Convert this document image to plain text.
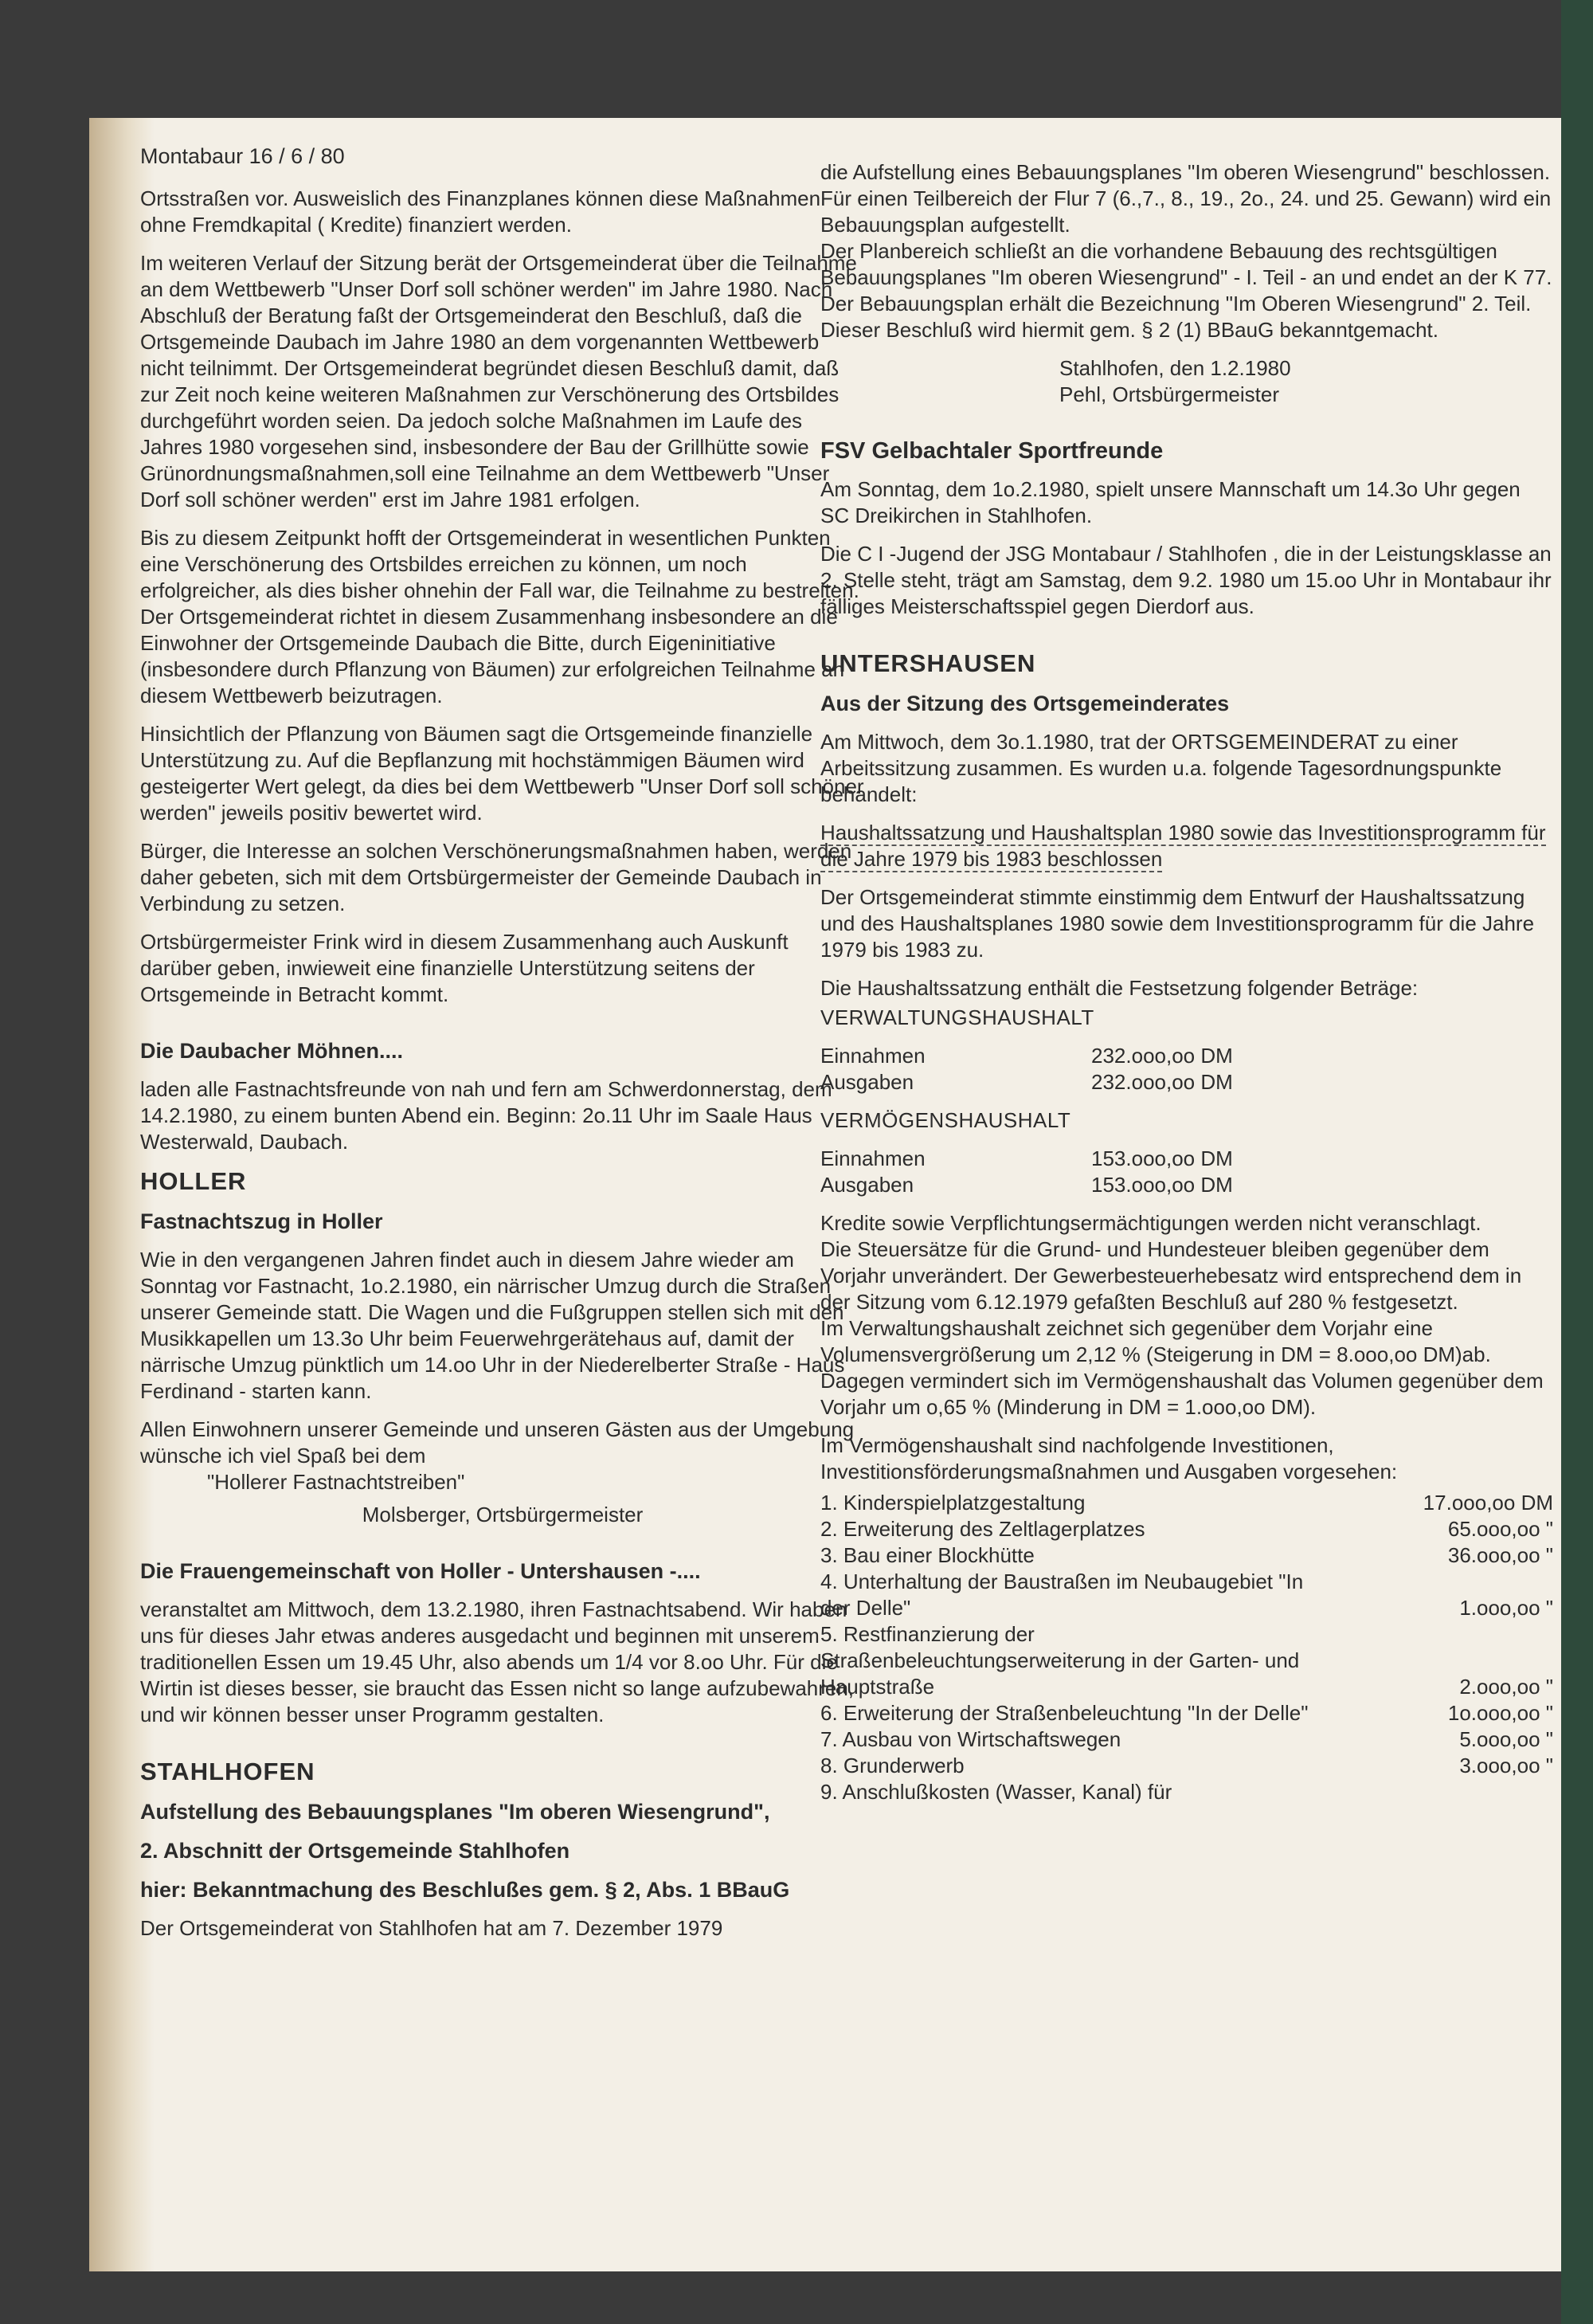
Montabaur 16 / 6 / 80

Ortsstraßen vor. Ausweislich des Finanzplanes können diese Maßnahmen ohne Fremdkapital ( Kredite) finanziert werden.

Im weiteren Verlauf der Sitzung berät der Ortsgemeinderat über die Teilnahme an dem Wettbewerb "Unser Dorf soll schöner werden" im Jahre 1980. Nach Abschluß der Beratung faßt der Ortsgemeinderat den Beschluß, daß die Ortsgemeinde Daubach im Jahre 1980 an dem vorgenannten Wettbewerb nicht teilnimmt. Der Ortsgemeinderat begründet diesen Beschluß damit, daß zur Zeit noch keine weiteren Maßnahmen zur Verschönerung des Ortsbildes durchgeführt worden seien. Da jedoch solche Maßnahmen im Laufe des Jahres 1980 vorgesehen sind, insbesondere der Bau der Grillhütte sowie Grünordnungsmaßnahmen,soll eine Teilnahme an dem Wettbewerb "Unser Dorf soll schöner werden" erst im Jahre 1981 erfolgen.

Bis zu diesem Zeitpunkt hofft der Ortsgemeinderat in wesentlichen Punkten eine Verschönerung des Ortsbildes erreichen zu können, um noch erfolgreicher, als dies bisher ohnehin der Fall war, die Teilnahme zu bestreiten. Der Ortsgemeinderat richtet in diesem Zusammenhang insbesondere an die Einwohner der Ortsgemeinde Daubach die Bitte, durch Eigeninitiative (insbesondere durch Pflanzung von Bäumen) zur erfolgreichen Teilnahme an diesem Wettbewerb beizutragen.

Hinsichtlich der Pflanzung von Bäumen sagt die Ortsgemeinde finanzielle Unterstützung zu. Auf die Bepflanzung mit hochstämmigen Bäumen wird gesteigerter Wert gelegt, da dies bei dem Wettbewerb "Unser Dorf soll schöner werden" jeweils positiv bewertet wird.

Bürger, die Interesse an solchen Verschönerungsmaßnahmen haben, werden daher gebeten, sich mit dem Ortsbürgermeister der Gemeinde Daubach in Verbindung zu setzen.

Ortsbürgermeister Frink wird in diesem Zusammenhang auch Auskunft darüber geben, inwieweit eine finanzielle Unterstützung seitens der Ortsgemeinde in Betracht kommt.

Die Daubacher Möhnen....

laden alle Fastnachtsfreunde von nah und fern am Schwerdonnerstag, dem 14.2.1980, zu einem bunten Abend ein. Beginn: 2o.11 Uhr im Saale Haus Westerwald, Daubach.

HOLLER

Fastnachtszug in Holler

Wie in den vergangenen Jahren findet auch in diesem Jahre wieder am Sonntag vor Fastnacht, 1o.2.1980, ein närrischer Umzug durch die Straßen unserer Gemeinde statt. Die Wagen und die Fußgruppen stellen sich mit den Musikkapellen um 13.3o Uhr beim Feuerwehrgerätehaus auf, damit der närrische Umzug pünktlich um 14.oo Uhr in der Niederelberter Straße - Haus Ferdinand - starten kann.

Allen Einwohnern unserer Gemeinde und unseren Gästen aus der Umgebung wünsche ich viel Spaß bei dem

"Hollerer Fastnachtstreiben"

Molsberger, Ortsbürgermeister

Die Frauengemeinschaft von Holler - Untershausen -....

veranstaltet am Mittwoch, dem 13.2.1980, ihren Fastnachtsabend. Wir haben uns für dieses Jahr etwas anderes ausgedacht und beginnen mit unserem traditionellen Essen um 19.45 Uhr, also abends um 1/4 vor 8.oo Uhr. Für die Wirtin ist dieses besser, sie braucht das Essen nicht so lange aufzubewahren, und wir können besser unser Programm gestalten.

STAHLHOFEN

Aufstellung des Bebauungsplanes "Im oberen Wiesengrund",

2. Abschnitt der Ortsgemeinde Stahlhofen

hier: Bekanntmachung des Beschlußes gem. § 2, Abs. 1 BBauG

Der Ortsgemeinderat von Stahlhofen hat am 7. Dezember 1979

die Aufstellung eines Bebauungsplanes "Im oberen Wiesengrund" beschlossen.

Für einen Teilbereich der Flur 7 (6.,7., 8., 19., 2o., 24. und 25. Gewann) wird ein Bebauungsplan aufgestellt.

Der Planbereich schließt an die vorhandene Bebauung des rechtsgültigen Bebauungsplanes "Im oberen Wiesengrund" - I. Teil - an und endet an der K 77.

Der Bebauungsplan erhält die Bezeichnung "Im Oberen Wiesengrund" 2. Teil.

Dieser Beschluß wird hiermit gem. § 2 (1) BBauG bekanntgemacht.

Stahlhofen, den 1.2.1980

Pehl, Ortsbürgermeister

FSV Gelbachtaler Sportfreunde

Am Sonntag, dem 1o.2.1980, spielt unsere Mannschaft um 14.3o Uhr gegen SC Dreikirchen in Stahlhofen.

Die C I -Jugend der JSG Montabaur / Stahlhofen , die in der Leistungsklasse an 2. Stelle steht, trägt am Samstag, dem 9.2. 1980 um 15.oo Uhr in Montabaur ihr fälliges Meisterschaftsspiel gegen Dierdorf aus.

UNTERSHAUSEN

Aus der Sitzung des Ortsgemeinderates

Am Mittwoch, dem 3o.1.1980, trat der ORTSGEMEINDERAT zu einer Arbeitssitzung zusammen. Es wurden u.a. folgende Tagesordnungspunkte behandelt:

Haushaltssatzung und Haushaltsplan 1980 sowie das Investitionsprogramm für die Jahre 1979 bis 1983 beschlossen

Der Ortsgemeinderat stimmte einstimmig dem Entwurf der Haushaltssatzung und des Haushaltsplanes 1980 sowie dem Investitionsprogramm für die Jahre 1979 bis 1983 zu.

Die Haushaltssatzung enthält die Festsetzung folgender Beträge:

VERWALTUNGSHAUSHALT

Einnahmen	232.ooo,oo DM
Ausgaben	232.ooo,oo DM

VERMÖGENSHAUSHALT

Einnahmen	153.ooo,oo DM
Ausgaben	153.ooo,oo DM

Kredite sowie Verpflichtungsermächtigungen werden nicht veranschlagt.

Die Steuersätze für die Grund- und Hundesteuer bleiben gegenüber dem Vorjahr unverändert. Der Gewerbesteuerhebesatz wird entsprechend dem in der Sitzung vom 6.12.1979 gefaßten Beschluß auf 280 % festgesetzt.

Im Verwaltungshaushalt zeichnet sich gegenüber dem Vorjahr eine Volumensvergrößerung um 2,12 % (Steigerung in DM = 8.ooo,oo DM)ab. Dagegen vermindert sich im Vermögenshaushalt das Volumen gegenüber dem Vorjahr um o,65 % (Minderung in DM = 1.ooo,oo DM).

Im Vermögenshaushalt sind nachfolgende Investitionen, Investitionsförderungsmaßnahmen und Ausgaben vorgesehen:

1. Kinderspielplatzgestaltung	17.ooo,oo DM
2. Erweiterung des Zeltlagerplatzes	65.ooo,oo "
3. Bau einer Blockhütte	36.ooo,oo "
4. Unterhaltung der Baustraßen im Neubaugebiet "In der Delle"	1.ooo,oo "
5. Restfinanzierung der Straßenbeleuchtungserweiterung in der Garten- und Hauptstraße	2.ooo,oo "
6. Erweiterung der Straßenbeleuchtung "In der Delle"	1o.ooo,oo "
7. Ausbau von Wirtschaftswegen	5.ooo,oo "
8. Grunderwerb	3.ooo,oo "
9. Anschlußkosten (Wasser, Kanal) für
